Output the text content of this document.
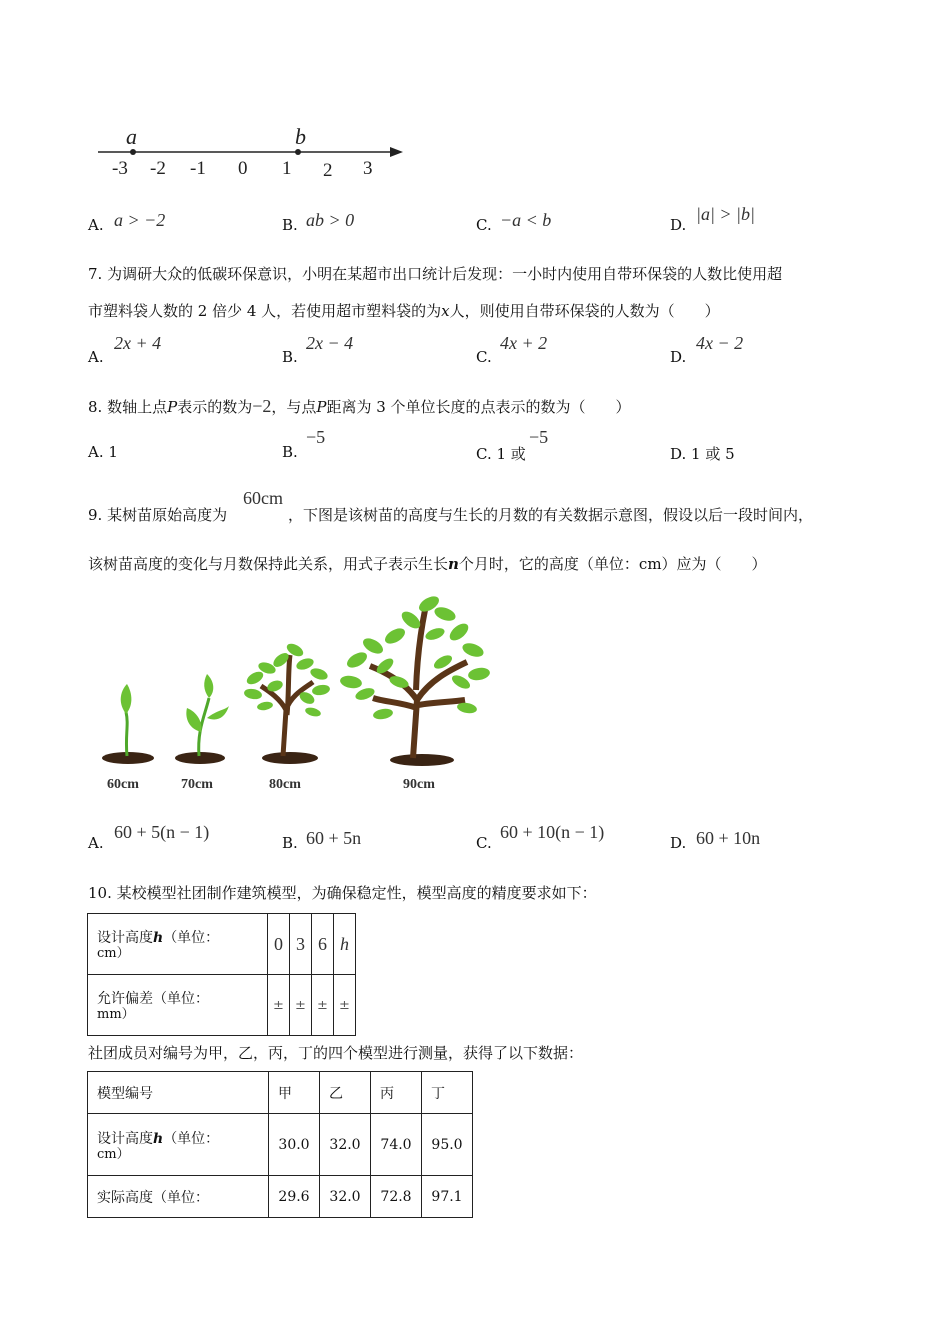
-3 -2 -1 0 1 2 3
a	b
A. a > −2	B. ab > 0	C. −a < b	D.
|a| > |b|
7. 为调研大众的低碳环保意识，小明在某超市出口统计后发现：一小时内使用自带环保袋的人数比使用超
市塑料袋人数的 2 倍少 4 人，若使用超市塑料袋的为x人，则使用自带环保袋的人数为（　　）
A.
2x + 4
B.
2x − 4
C.
4x + 2
D.
4x − 2
8. 数轴上点P表示的数为−2，与点P距离为 3 个单位长度的点表示的数为（　　）
A. 1	B.
−5
C. 1 或
−5
D. 1 或 5
9. 某树苗原始高度为
60cm
，下图是该树苗的高度与生长的月数的有关数据示意图，假设以后一段时间内，
该树苗高度的变化与月数保持此关系，用式子表示生长n个月时，它的高度（单位：cm）应为（　　）
60cm	70cm	80cm	90cm
A.
60 + 5(n − 1)
B. 60 + 5n	C.
60 + 10(n − 1)
D. 60 + 10n
10. 某校模型社团制作建筑模型，为确保稳定性，模型高度的精度要求如下：
设计高度h（单位：
cm）	0	3	6	h

允许偏差（单位：
mm）	±	±	±	±
社团成员对编号为甲，乙，丙，丁的四个模型进行测量，获得了以下数据：
模型编号	甲	乙	丙	丁

设计高度h（单位：
cm）	30.0	32.0	74.0	95.0
实际高度（单位：	29.6	32.0	72.8	97.1
